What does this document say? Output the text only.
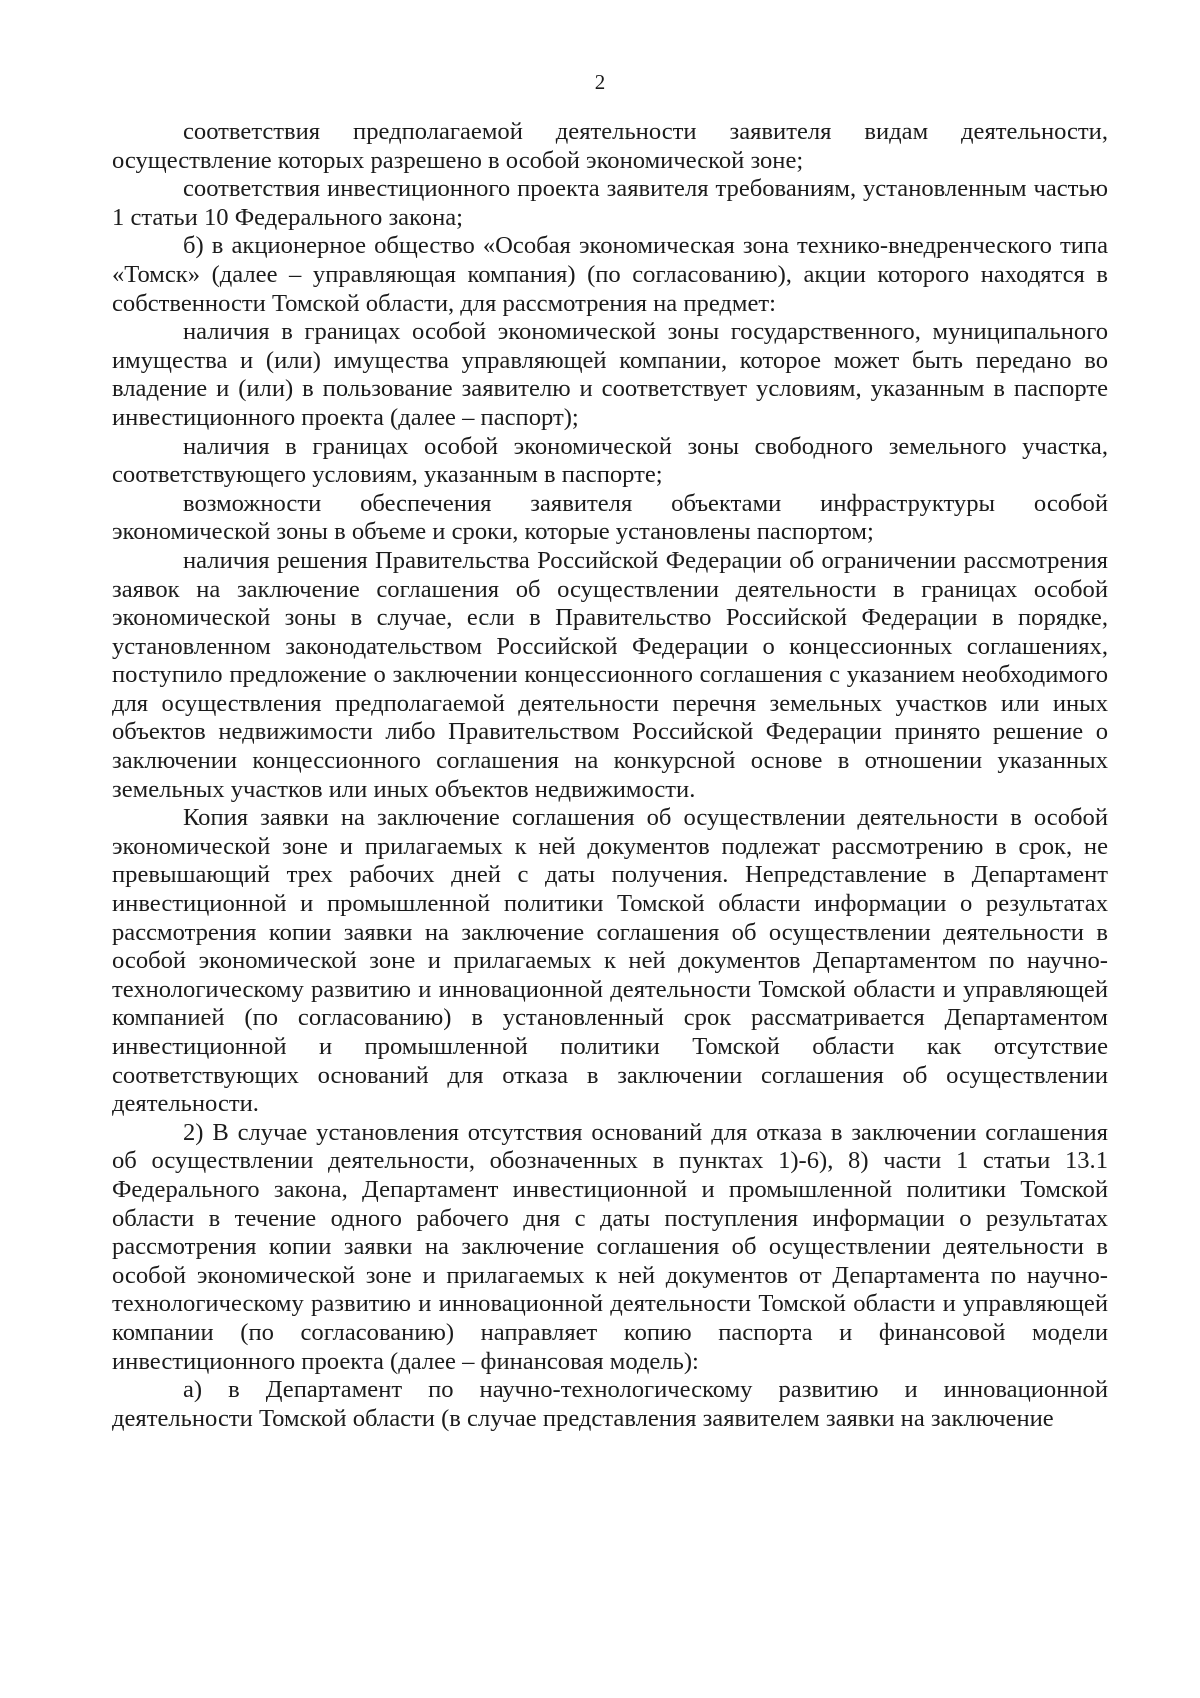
2

соответствия предполагаемой деятельности заявителя видам деятельности, осуществление которых разрешено в особой экономической зоне;

соответствия инвестиционного проекта заявителя требованиям, установленным частью 1 статьи 10 Федерального закона;

б) в акционерное общество «Особая экономическая зона технико-внедренческого типа «Томск» (далее – управляющая компания) (по согласованию), акции которого находятся в собственности Томской области, для рассмотрения на предмет:

наличия в границах особой экономической зоны государственного, муниципального имущества и (или) имущества управляющей компании, которое может быть передано во владение и (или) в пользование заявителю и соответствует условиям, указанным в паспорте инвестиционного проекта (далее – паспорт);

наличия в границах особой экономической зоны свободного земельного участка, соответствующего условиям, указанным в паспорте;

возможности обеспечения заявителя объектами инфраструктуры особой экономической зоны в объеме и сроки, которые установлены паспортом;

наличия решения Правительства Российской Федерации об ограничении рассмотрения заявок на заключение соглашения об осуществлении деятельности в границах особой экономической зоны в случае, если в Правительство Российской Федерации в порядке, установленном законодательством Российской Федерации о концессионных соглашениях, поступило предложение о заключении концессионного соглашения с указанием необходимого для осуществления предполагаемой деятельности перечня земельных участков или иных объектов недвижимости либо Правительством Российской Федерации принято решение о заключении концессионного соглашения на конкурсной основе в отношении указанных земельных участков или иных объектов недвижимости.

Копия заявки на заключение соглашения об осуществлении деятельности в особой экономической зоне и прилагаемых к ней документов подлежат рассмотрению в срок, не превышающий трех рабочих дней с даты получения. Непредставление в Департамент инвестиционной и промышленной политики Томской области информации о результатах рассмотрения копии заявки на заключение соглашения об осуществлении деятельности в особой экономической зоне и прилагаемых к ней документов Департаментом по научно-технологическому развитию и инновационной деятельности Томской области и управляющей компанией (по согласованию) в установленный срок рассматривается Департаментом инвестиционной и промышленной политики Томской области как отсутствие соответствующих оснований для отказа в заключении соглашения об осуществлении деятельности.

2) В случае установления отсутствия оснований для отказа в заключении соглашения об осуществлении деятельности, обозначенных в пунктах 1)-6), 8) части 1 статьи 13.1 Федерального закона, Департамент инвестиционной и промышленной политики Томской области в течение одного рабочего дня с даты поступления информации о результатах рассмотрения копии заявки на заключение соглашения об осуществлении деятельности в особой экономической зоне и прилагаемых к ней документов от Департамента по научно-технологическому развитию и инновационной деятельности Томской области и управляющей компании (по согласованию) направляет копию паспорта и финансовой модели инвестиционного проекта (далее – финансовая модель):

а) в Департамент по научно-технологическому развитию и инновационной деятельности Томской области (в случае представления заявителем заявки на заключение
